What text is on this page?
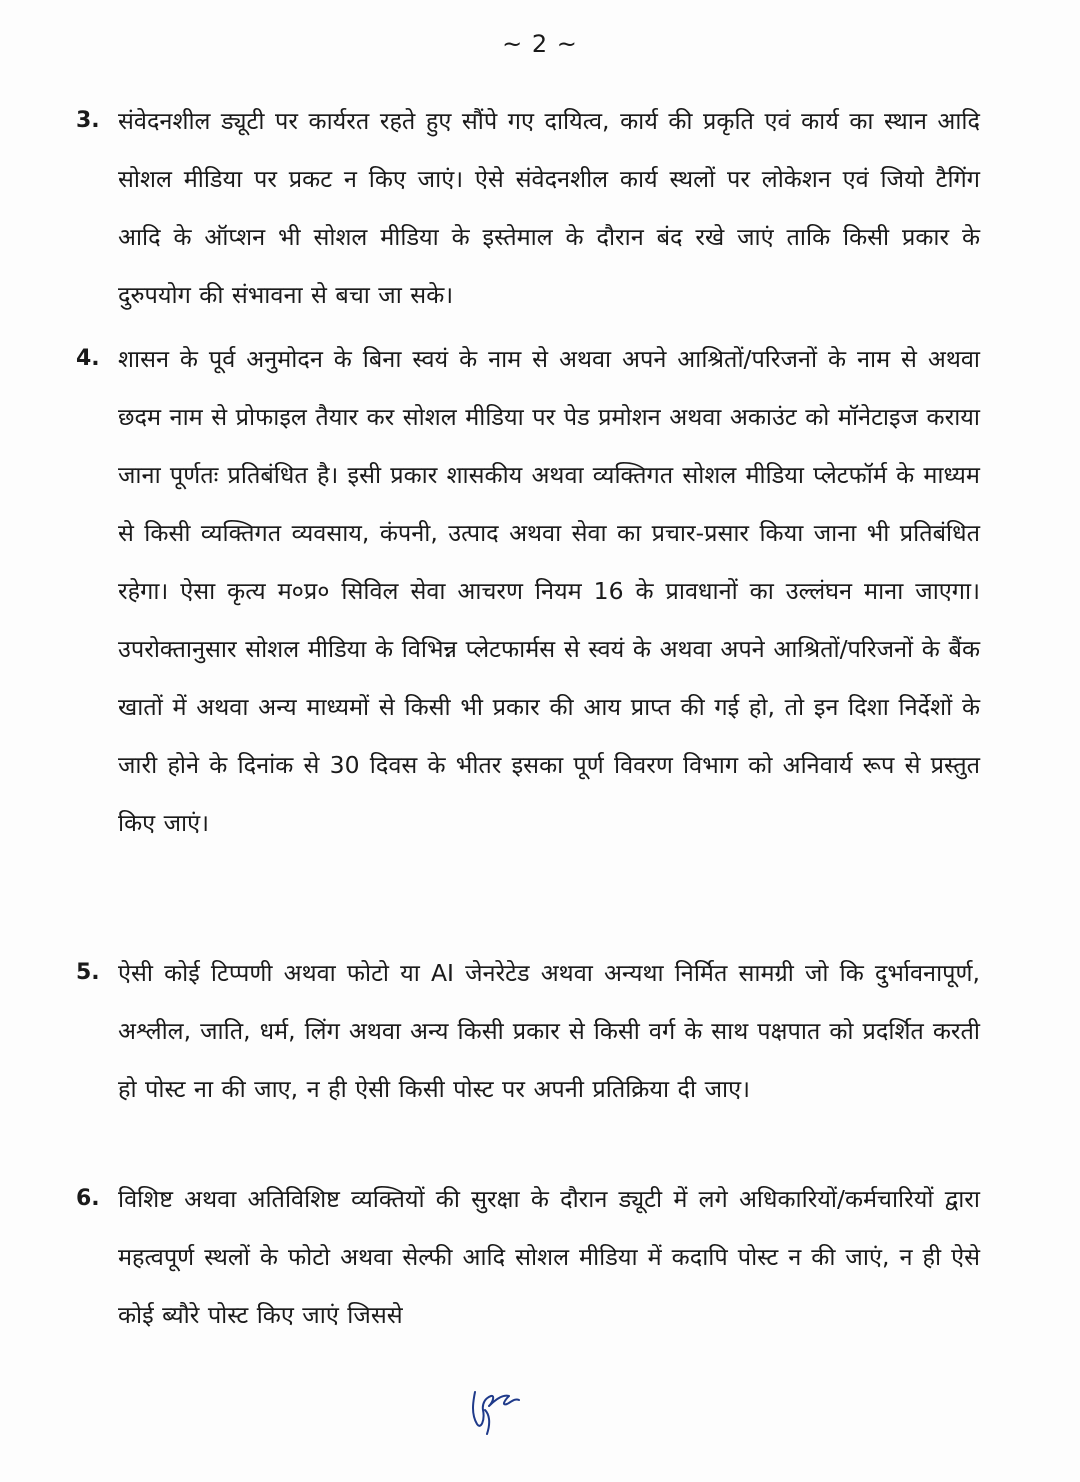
~ 2 ~
3. संवेदनशील ड्यूटी पर कार्यरत रहते हुए सौंपे गए दायित्व, कार्य की प्रकृति एवं कार्य का स्थान आदि सोशल मीडिया पर प्रकट न किए जाएं। ऐसे संवेदनशील कार्य स्थलों पर लोकेशन एवं जियो टैगिंग आदि के ऑप्शन भी सोशल मीडिया के इस्तेमाल के दौरान बंद रखे जाएं ताकि किसी प्रकार के दुरुपयोग की संभावना से बचा जा सके।

4. शासन के पूर्व अनुमोदन के बिना स्वयं के नाम से अथवा अपने आश्रितों/परिजनों के नाम से अथवा छदम नाम से प्रोफाइल तैयार कर सोशल मीडिया पर पेड प्रमोशन अथवा अकाउंट को मॉनेटाइज कराया जाना पूर्णतः प्रतिबंधित है। इसी प्रकार शासकीय अथवा व्यक्तिगत सोशल मीडिया प्लेटफॉर्म के माध्यम से किसी व्यक्तिगत व्यवसाय, कंपनी, उत्पाद अथवा सेवा का प्रचार-प्रसार किया जाना भी प्रतिबंधित रहेगा। ऐसा कृत्य म०प्र० सिविल सेवा आचरण नियम 16 के प्रावधानों का उल्लंघन माना जाएगा। उपरोक्तानुसार सोशल मीडिया के विभिन्न प्लेटफार्मस से स्वयं के अथवा अपने आश्रितों/परिजनों के बैंक खातों में अथवा अन्य माध्यमों से किसी भी प्रकार की आय प्राप्त की गई हो, तो इन दिशा निर्देशों के जारी होने के दिनांक से 30 दिवस के भीतर इसका पूर्ण विवरण विभाग को अनिवार्य रूप से प्रस्तुत किए जाएं।

5. ऐसी कोई टिप्पणी अथवा फोटो या AI जेनरेटेड अथवा अन्यथा निर्मित सामग्री जो कि दुर्भावनापूर्ण, अश्लील, जाति, धर्म, लिंग अथवा अन्य किसी प्रकार से किसी वर्ग के साथ पक्षपात को प्रदर्शित करती हो पोस्ट ना की जाए, न ही ऐसी किसी पोस्ट पर अपनी प्रतिक्रिया दी जाए।

6. विशिष्ट अथवा अतिविशिष्ट व्यक्तियों की सुरक्षा के दौरान ड्यूटी में लगे अधिकारियों/कर्मचारियों द्वारा महत्वपूर्ण स्थलों के फोटो अथवा सेल्फी आदि सोशल मीडिया में कदापि पोस्ट न की जाएं, न ही ऐसे कोई ब्यौरे पोस्ट किए जाएं जिससे
